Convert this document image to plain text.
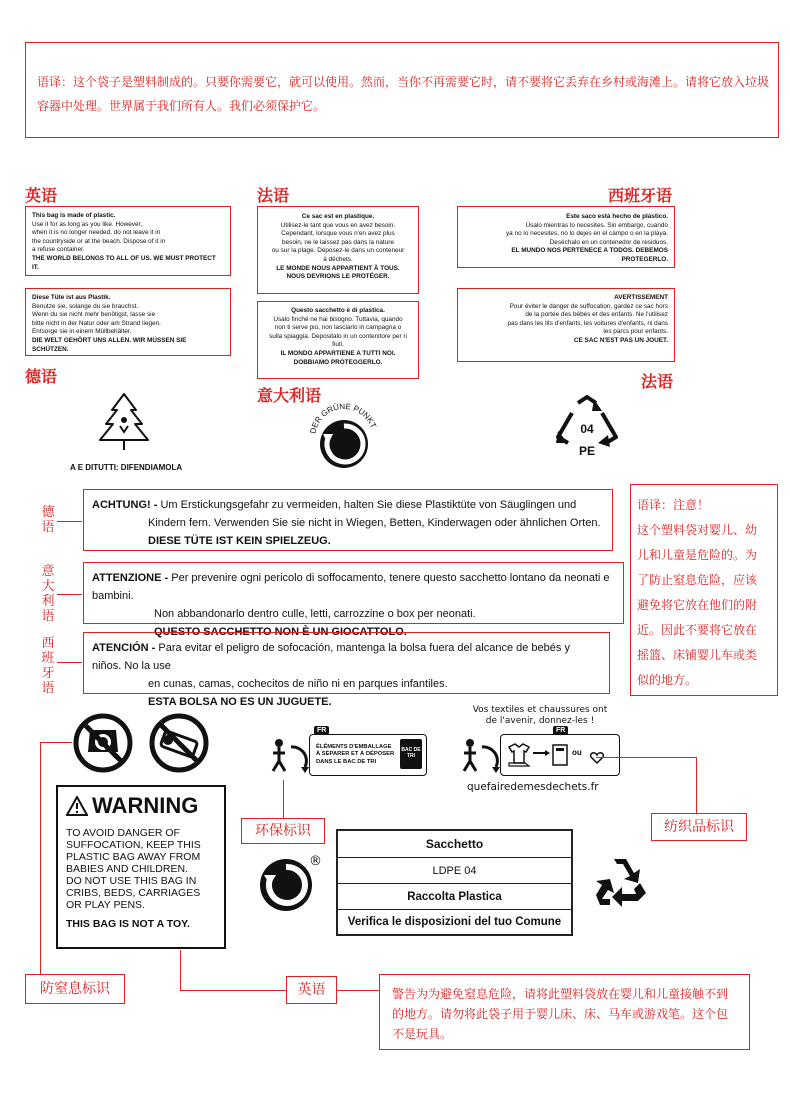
语译：这个袋子是塑料制成的。只要你需要它，就可以使用。然而，当你不再需要它时，请不要将它丢弃在乡村或海滩上。请将它放入垃圾容器中处理。世界属于我们所有人。我们必须保护它。
英语	法语	西班牙语
德语
意大利语
法语
This bag is made of plastic.
Use it for as long as you like. However,
when it is no longer needed, do not leave it in
the countryside or at the beach. Dispose of it in
a refuse container.
THE WORLD BELONGS TO ALL OF US. WE MUST PROTECT IT.
Diese Tüte ist aus Plastik.
Benutze sie, solange du sie brauchst.
Wenn du sie nicht mehr benötigst, lasse sie
bitte nicht in der Natur oder am Strand liegen.
Entsorge sie in einem Müllbehälter.
DIE WELT GEHÖRT UNS ALLEN. WIR MÜSSEN SIE SCHÜTZEN.
Ce sac est en plastique.
Utilisez-le tant que vous en avez besoin.
Cependant, lorsque vous n'en avez plus
besoin, ne le laissez pas dans la nature
ou sur la plage. Déposez-le dans un conteneur
à déchets.
LE MONDE NOUS APPARTIENT À TOUS.
NOUS DEVRIONS LE PROTÉGER.
Questo sacchetto è di plastica.
Usalo finché ne hai bisogno. Tuttavia, quando
non ti serve più, non lasciarlo in campagna o
sulla spiaggia. Depositalo in un contenitore per ri
fiuti.
IL MONDO APPARTIENE A TUTTI NOI.
DOBBIAMO PROTEGGERLO.
Este saco está hecho de plástico.
Úsalo mientras lo necesites. Sin embargo, cuando
ya no lo necesites, no lo dejes en el campo o en la playa.
Deséchalo en un contenedor de residuos.
EL MUNDO NOS PERTENECE A TODOS. DEBEMOS PROTEGERLO.
AVERTISSEMENT
Pour éviter le danger de suffocation, gardez ce sac hors
de la portée des bébés et des enfants. Ne l'utilisez
pas dans les lits d'enfants, les voitures d'enfants, ni dans
les parcs pour enfants.
CE SAC N'EST PAS UN JOUET.
A E DITUTTI: DIFENDIAMOLA
DER GRÜNE PUNKT	04
PE
德语
意大利语
西班牙语
ACHTUNG! - Um Erstickungsgefahr zu vermeiden, halten Sie diese Plastiktüte von Säuglingen und
Kindern fern. Verwenden Sie sie nicht in Wiegen, Betten, Kinderwagen oder ähnlichen Orten.
DIESE TÜTE IST KEIN SPIELZEUG.
ATTENZIONE - Per prevenire ogni pericolo di soffocamento, tenere questo sacchetto lontano da neonati e bambini.
Non abbandonarlo dentro culle, letti, carrozzine o box per neonati.
QUESTO SACCHETTO NON È UN GIOCATTOLO.
ATENCIÓN - Para evitar el peligro de sofocación, mantenga la bolsa fuera del alcance de bebés y niños. No la use
en cunas, camas, cochecitos de niño ni en parques infantiles.
ESTA BOLSA NO ES UN JUGUETE.
语译：注意！
这个塑料袋对婴儿、幼
儿和儿童是危险的。为
了防止窒息危险，应该
避免将它放在他们的附
近。因此不要将它放在
摇篮、床铺婴儿车或类
似的地方。
WARNING
TO AVOID DANGER OF
SUFFOCATION, KEEP THIS
PLASTIC BAG AWAY FROM
BABIES AND CHILDREN.
DO NOT USE THIS BAG IN
CRIBS, BEDS, CARRIAGES
OR PLAY PENS.
THIS BAG IS NOT A TOY.
FR
ÉLÉMENTS D'EMBALLAGE
À SÉPARER ET À DÉPOSER
DANS LE BAC DE TRI
BAC DE TRI
环保标识
Vos textiles et chaussures ont
de l'avenir, donnez-les !
FR
ou
quefairedemesdechets.fr
纺织品标识
®
Sacchetto
LDPE 04
Raccolta Plastica
Verifica le disposizioni del tuo Comune
防窒息标识	英语	警告为为避免窒息危险，请将此塑料袋放在婴儿和儿童接触不到的地方。请勿将此袋子用于婴儿床、床、马车或游戏笔。这个包不是玩具。
